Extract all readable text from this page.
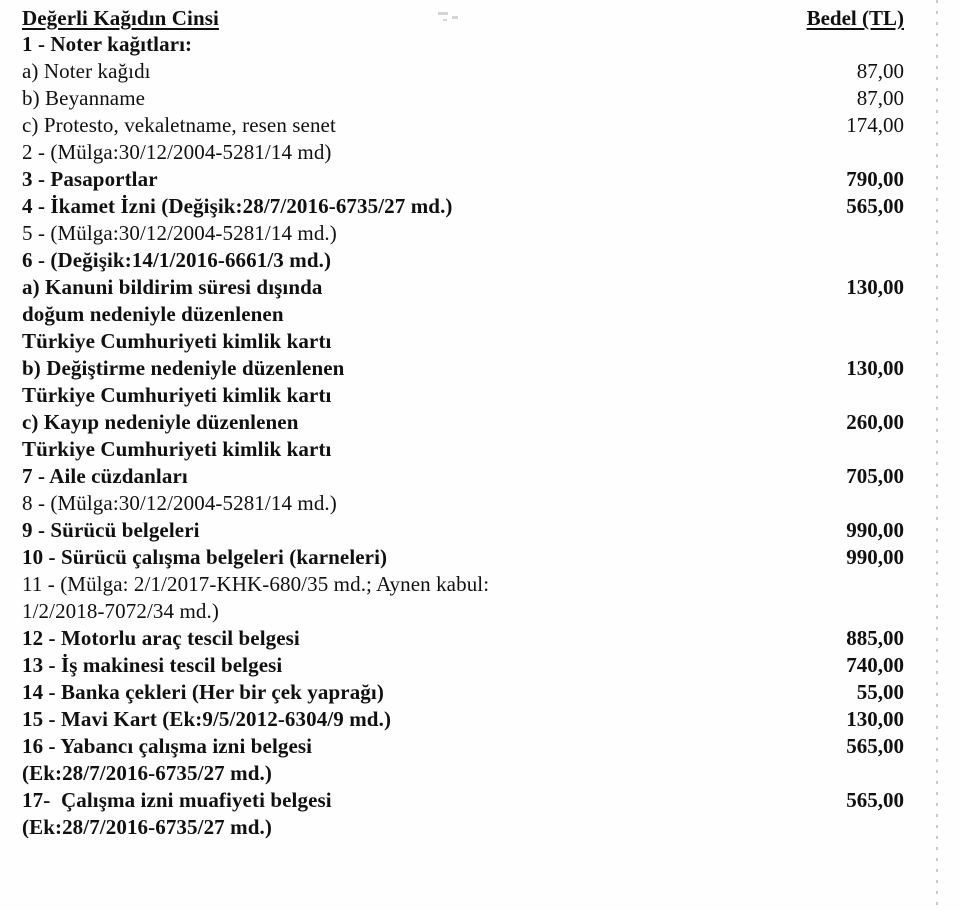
Değerli Kağıdın Cinsi	Bedel (TL)
1 - Noter kağıtları:
a) Noter kağıdı	87,00
b) Beyanname	87,00
c) Protesto, vekaletname, resen senet	174,00
2 - (Mülga:30/12/2004-5281/14 md)
3 - Pasaportlar	790,00
4 - İkamet İzni (Değişik:28/7/2016-6735/27 md.)	565,00
5 - (Mülga:30/12/2004-5281/14 md.)
6 - (Değişik:14/1/2016-6661/3 md.)
a) Kanuni bildirim süresi dışında	130,00
doğum nedeniyle düzenlenen
Türkiye Cumhuriyeti kimlik kartı
b) Değiştirme nedeniyle düzenlenen	130,00
Türkiye Cumhuriyeti kimlik kartı
c) Kayıp nedeniyle düzenlenen	260,00
Türkiye Cumhuriyeti kimlik kartı
7 - Aile cüzdanları	705,00
8 - (Mülga:30/12/2004-5281/14 md.)
9 - Sürücü belgeleri	990,00
10 - Sürücü çalışma belgeleri (karneleri)	990,00
11 - (Mülga: 2/1/2017-KHK-680/35 md.; Aynen kabul:
1/2/2018-7072/34 md.)
12 - Motorlu araç tescil belgesi	885,00
13 - İş makinesi tescil belgesi	740,00
14 - Banka çekleri (Her bir çek yaprağı)	55,00
15 - Mavi Kart (Ek:9/5/2012-6304/9 md.)	130,00
16 - Yabancı çalışma izni belgesi	565,00
(Ek:28/7/2016-6735/27 md.)
17-  Çalışma izni muafiyeti belgesi	565,00
(Ek:28/7/2016-6735/27 md.)
